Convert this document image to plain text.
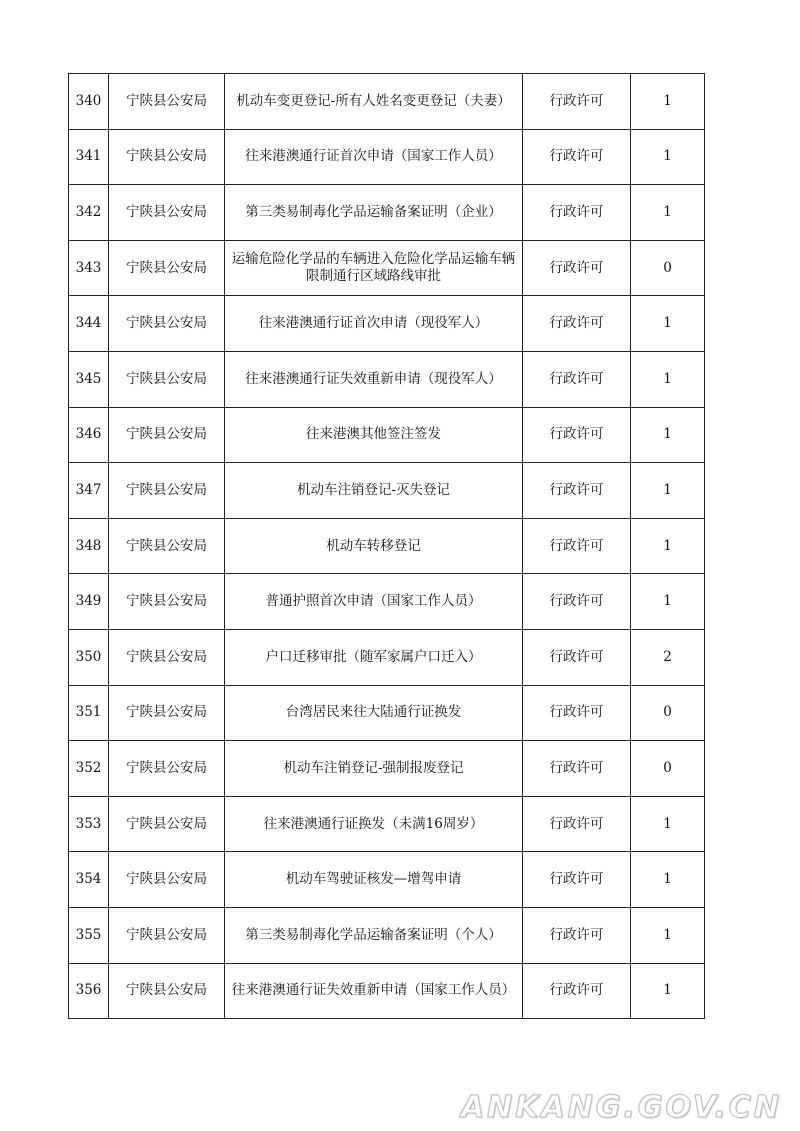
340	宁陕县公安局	机动车变更登记-所有人姓名变更登记（夫妻）	行政许可	1
341	宁陕县公安局	往来港澳通行证首次申请（国家工作人员）	行政许可	1
342	宁陕县公安局	第三类易制毒化学品运输备案证明（企业）	行政许可	1
343	宁陕县公安局	运输危险化学品的车辆进入危险化学品运输车辆限制通行区域路线审批	行政许可	0
344	宁陕县公安局	往来港澳通行证首次申请（现役军人）	行政许可	1
345	宁陕县公安局	往来港澳通行证失效重新申请（现役军人）	行政许可	1
346	宁陕县公安局	往来港澳其他签注签发	行政许可	1
347	宁陕县公安局	机动车注销登记-灭失登记	行政许可	1
348	宁陕县公安局	机动车转移登记	行政许可	1
349	宁陕县公安局	普通护照首次申请（国家工作人员）	行政许可	1
350	宁陕县公安局	户口迁移审批（随军家属户口迁入）	行政许可	2
351	宁陕县公安局	台湾居民来往大陆通行证换发	行政许可	0
352	宁陕县公安局	机动车注销登记-强制报废登记	行政许可	0
353	宁陕县公安局	往来港澳通行证换发（未满16周岁）	行政许可	1
354	宁陕县公安局	机动车驾驶证核发—增驾申请	行政许可	1
355	宁陕县公安局	第三类易制毒化学品运输备案证明（个人）	行政许可	1
356	宁陕县公安局	往来港澳通行证失效重新申请（国家工作人员）	行政许可	1
ANKANG.GOV.CN
